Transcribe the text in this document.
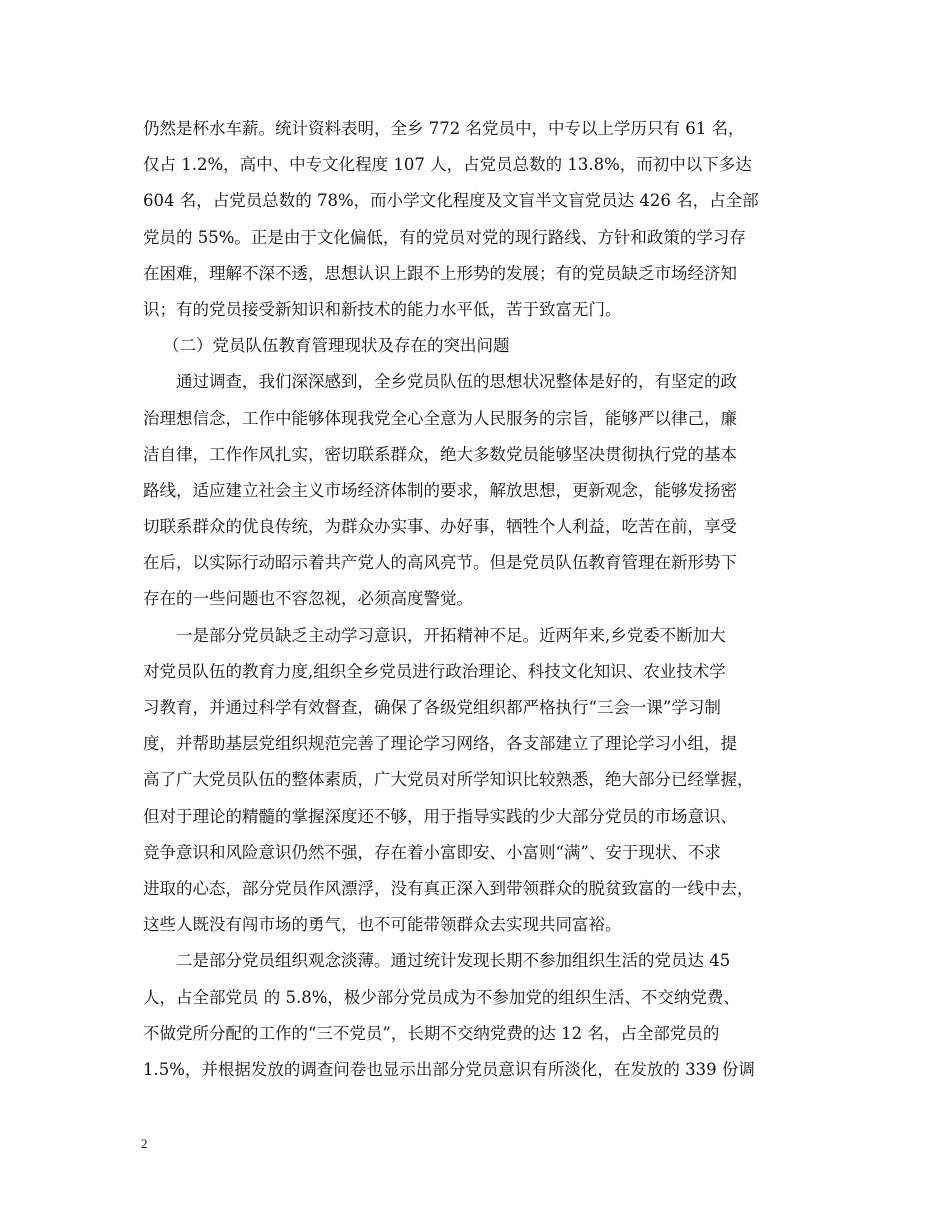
仍然是杯水车薪。统计资料表明，全乡 772 名党员中，中专以上学历只有 61 名，
仅占 1.2%，高中、中专文化程度 107 人，占党员总数的 13.8%，而初中以下多达
604 名，占党员总数的 78%，而小学文化程度及文盲半文盲党员达 426 名，占全部
党员的 55%。正是由于文化偏低，有的党员对党的现行路线、方针和政策的学习存
在困难，理解不深不透，思想认识上跟不上形势的发展；有的党员缺乏市场经济知
识；有的党员接受新知识和新技术的能力水平低，苦于致富无门。
（二）党员队伍教育管理现状及存在的突出问题
通过调查，我们深深感到，全乡党员队伍的思想状况整体是好的，有坚定的政
治理想信念，工作中能够体现我党全心全意为人民服务的宗旨，能够严以律己，廉
洁自律，工作作风扎实，密切联系群众，绝大多数党员能够坚决贯彻执行党的基本
路线，适应建立社会主义市场经济体制的要求，解放思想，更新观念，能够发扬密
切联系群众的优良传统，为群众办实事、办好事，牺牲个人利益，吃苦在前，享受
在后，以实际行动昭示着共产党人的高风亮节。但是党员队伍教育管理在新形势下
存在的一些问题也不容忽视，必须高度警觉。
一是部分党员缺乏主动学习意识，开拓精神不足。近两年来,乡党委不断加大
对党员队伍的教育力度,组织全乡党员进行政治理论、科技文化知识、农业技术学
习教育，并通过科学有效督查，确保了各级党组织都严格执行“三会一课”学习制
度，并帮助基层党组织规范完善了理论学习网络，各支部建立了理论学习小组，提
高了广大党员队伍的整体素质，广大党员对所学知识比较熟悉，绝大部分已经掌握，
但对于理论的精髓的掌握深度还不够，用于指导实践的少大部分党员的市场意识、
竞争意识和风险意识仍然不强，存在着小富即安、小富则“满”、安于现状、不求
进取的心态，部分党员作风漂浮，没有真正深入到带领群众的脱贫致富的一线中去，
这些人既没有闯市场的勇气，也不可能带领群众去实现共同富裕。
二是部分党员组织观念淡薄。通过统计发现长期不参加组织生活的党员达 45
人，占全部党员 的 5.8%，极少部分党员成为不参加党的组织生活、不交纳党费、
不做党所分配的工作的“三不党员”，长期不交纳党费的达 12 名，占全部党员的
1.5%，并根据发放的调查问卷也显示出部分党员意识有所淡化，在发放的 339 份调
2
